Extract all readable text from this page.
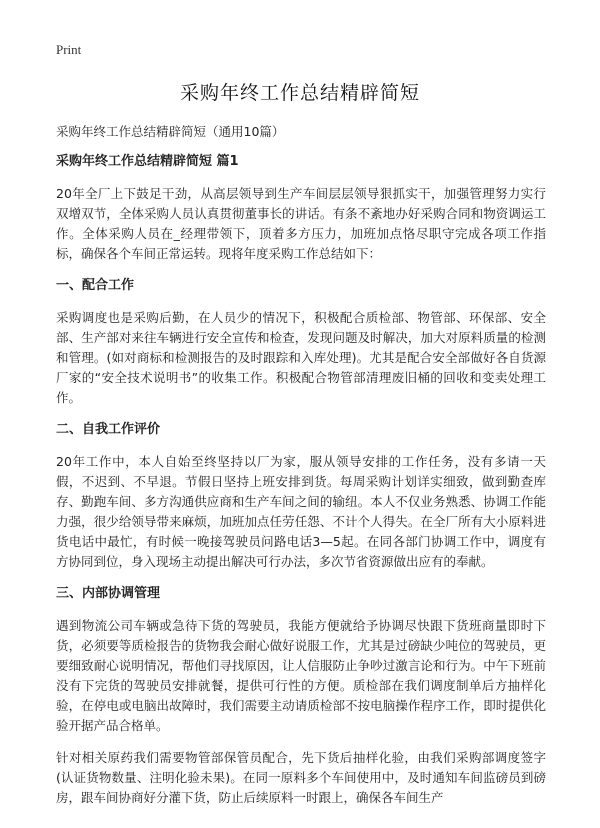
Print
采购年终工作总结精辟简短

采购年终工作总结精辟简短（通用10篇）

采购年终工作总结精辟简短 篇1

20年全厂上下鼓足干劲，从高层领导到生产车间层层领导狠抓实干，加强管理努力实行双增双节，全体采购人员认真贯彻董事长的讲话。有条不紊地办好采购合同和物资调运工作。全体采购人员在_经理带领下，顶着多方压力，加班加点恪尽职守完成各项工作指标，确保各个车间正常运转。现将年度采购工作总结如下：

一、配合工作

采购调度也是采购后勤，在人员少的情况下，积极配合质检部、物管部、环保部、安全部、生产部对来往车辆进行安全宣传和检查，发现问题及时解决，加大对原料质量的检测和管理。(如对商标和检测报告的及时跟踪和入库处理)。尤其是配合安全部做好各自货源厂家的“安全技术说明书”的收集工作。积极配合物管部清理废旧桶的回收和变卖处理工作。

二、自我工作评价

20年工作中，本人自始至终坚持以厂为家，服从领导安排的工作任务，没有多请一天假，不迟到、不早退。节假日坚持上班安排到货。每周采购计划详实细致，做到勤查库存、勤跑车间、多方沟通供应商和生产车间之间的输纽。本人不仅业务熟悉、协调工作能力强，很少给领导带来麻烦，加班加点任劳任怨、不计个人得失。在全厂所有大小原料进货电话中最忙，有时候一晚接驾驶员问路电话3—5起。在同各部门协调工作中，调度有方协同到位，身入现场主动提出解决可行办法，多次节省资源做出应有的奉献。

三、内部协调管理

遇到物流公司车辆或急待下货的驾驶员，我能方便就给予协调尽快跟下货班商量即时下货，必须要等质检报告的货物我会耐心做好说服工作，尤其是过磅缺少吨位的驾驶员，更要细致耐心说明情况，帮他们寻找原因，让人信服防止争吵过激言论和行为。中午下班前没有下完货的驾驶员安排就餐，提供可行性的方便。质检部在我们调度制单后方抽样化验，在停电或电脑出故障时，我们需要主动请质检部不按电脑操作程序工作，即时提供化验开据产品合格单。

针对相关原药我们需要物管部保管员配合，先下货后抽样化验，由我们采购部调度签字(认证货物数量、注明化验未果)。在同一原料多个车间使用中，及时通知车间监磅员到磅房，跟车间协商好分灌下货，防止后续原料一时跟上，确保各车间生产
